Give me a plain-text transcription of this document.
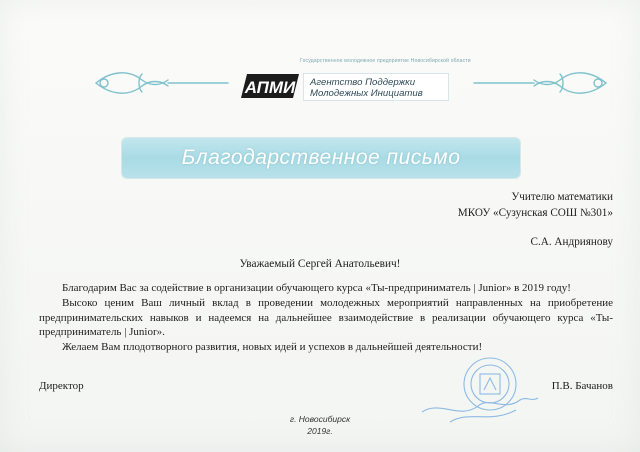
Государственное молодежное предприятие Новосибирской области
АПМИ Агентство Поддержки
Молодежных Инициатив
Благодарственное письмо
Учителю математики
МКОУ «Сузунская СОШ №301»
С.А. Андриянову
Уважаемый Сергей Анатольевич!

Благодарим Вас за содействие в организации обучающего курса «Ты-предприниматель | Junior» в 2019 году!

Высоко ценим Ваш личный вклад в проведении молодежных мероприятий направленных на приобретение предпринимательских навыков и надеемся на дальнейшее взаимодействие в реализации обучающего курса «Ты-предприниматель | Junior».

Желаем Вам плодотворного развития, новых идей и успехов в дальнейшей деятельности!

Директор	П.В. Бачанов
г. Новосибирск
2019г.
